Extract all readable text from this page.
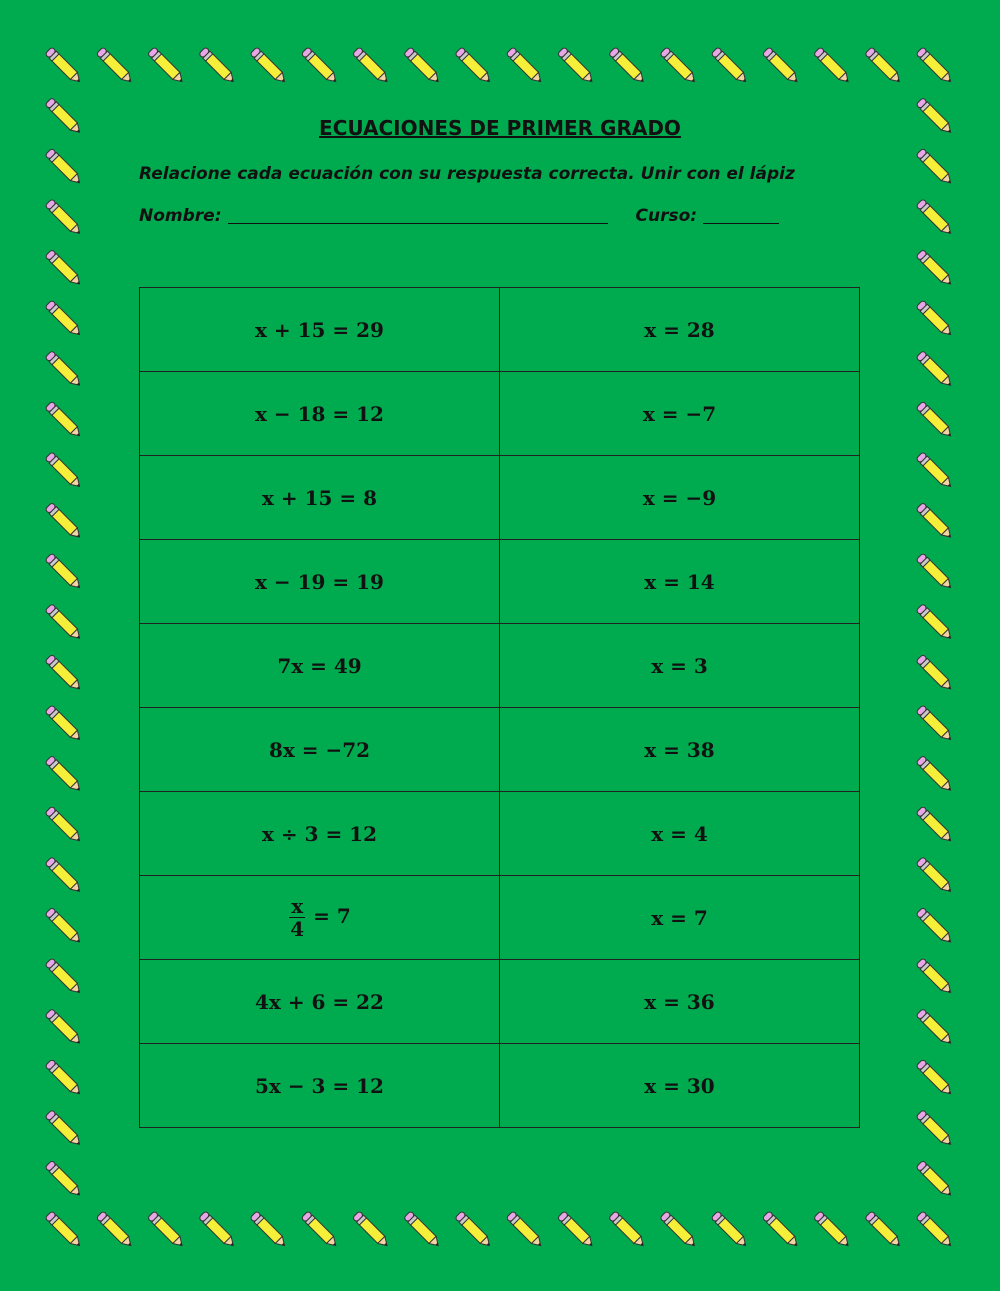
ECUACIONES DE PRIMER GRADO
Relacione cada ecuación con su respuesta correcta. Unir con el lápiz
Nombre:	Curso:
x + 15 = 29	x = 28
x − 18 = 12	x = −7
x + 15 = 8	x = −9
x − 19 = 19	x = 14
7x = 49	x = 3
8x = −72	x = 38
x ÷ 3 = 12	x = 4

$\frac{x}{4} = 7$	x = 7
4x + 6 = 22	x = 36
5x − 3 = 12	x = 30
